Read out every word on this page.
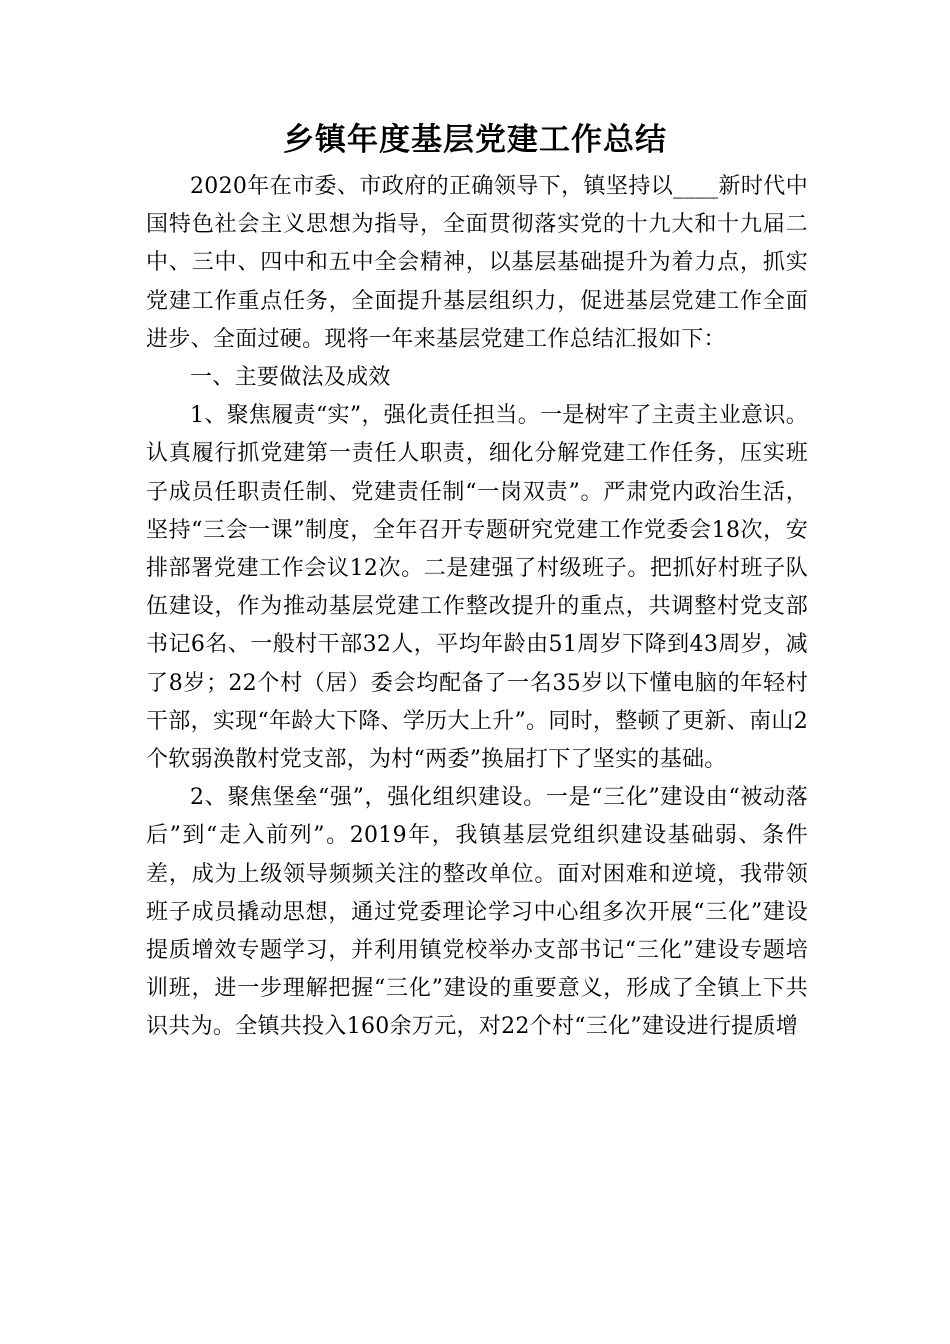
乡镇年度基层党建工作总结

2020年在市委、市政府的正确领导下，镇坚持以____新时代中国特色社会主义思想为指导，全面贯彻落实党的十九大和十九届二中、三中、四中和五中全会精神，以基层基础提升为着力点，抓实党建工作重点任务，全面提升基层组织力，促进基层党建工作全面进步、全面过硬。现将一年来基层党建工作总结汇报如下：

一、主要做法及成效

1、聚焦履责“实”，强化责任担当。一是树牢了主责主业意识。认真履行抓党建第一责任人职责，细化分解党建工作任务，压实班子成员任职责任制、党建责任制“一岗双责”。严肃党内政治生活，坚持“三会一课”制度，全年召开专题研究党建工作党委会18次，安排部署党建工作会议12次。二是建强了村级班子。把抓好村班子队伍建设，作为推动基层党建工作整改提升的重点，共调整村党支部书记6名、一般村干部32人，平均年龄由51周岁下降到43周岁，减了8岁；22个村（居）委会均配备了一名35岁以下懂电脑的年轻村干部，实现“年龄大下降、学历大上升”。同时，整顿了更新、南山2个软弱涣散村党支部，为村“两委”换届打下了坚实的基础。

2、聚焦堡垒“强”，强化组织建设。一是“三化”建设由“被动落后”到“走入前列”。2019年，我镇基层党组织建设基础弱、条件差，成为上级领导频频关注的整改单位。面对困难和逆境，我带领班子成员撬动思想，通过党委理论学习中心组多次开展“三化”建设提质增效专题学习，并利用镇党校举办支部书记“三化”建设专题培训班，进一步理解把握“三化”建设的重要意义，形成了全镇上下共识共为。全镇共投入160余万元，对22个村“三化”建设进行提质增
